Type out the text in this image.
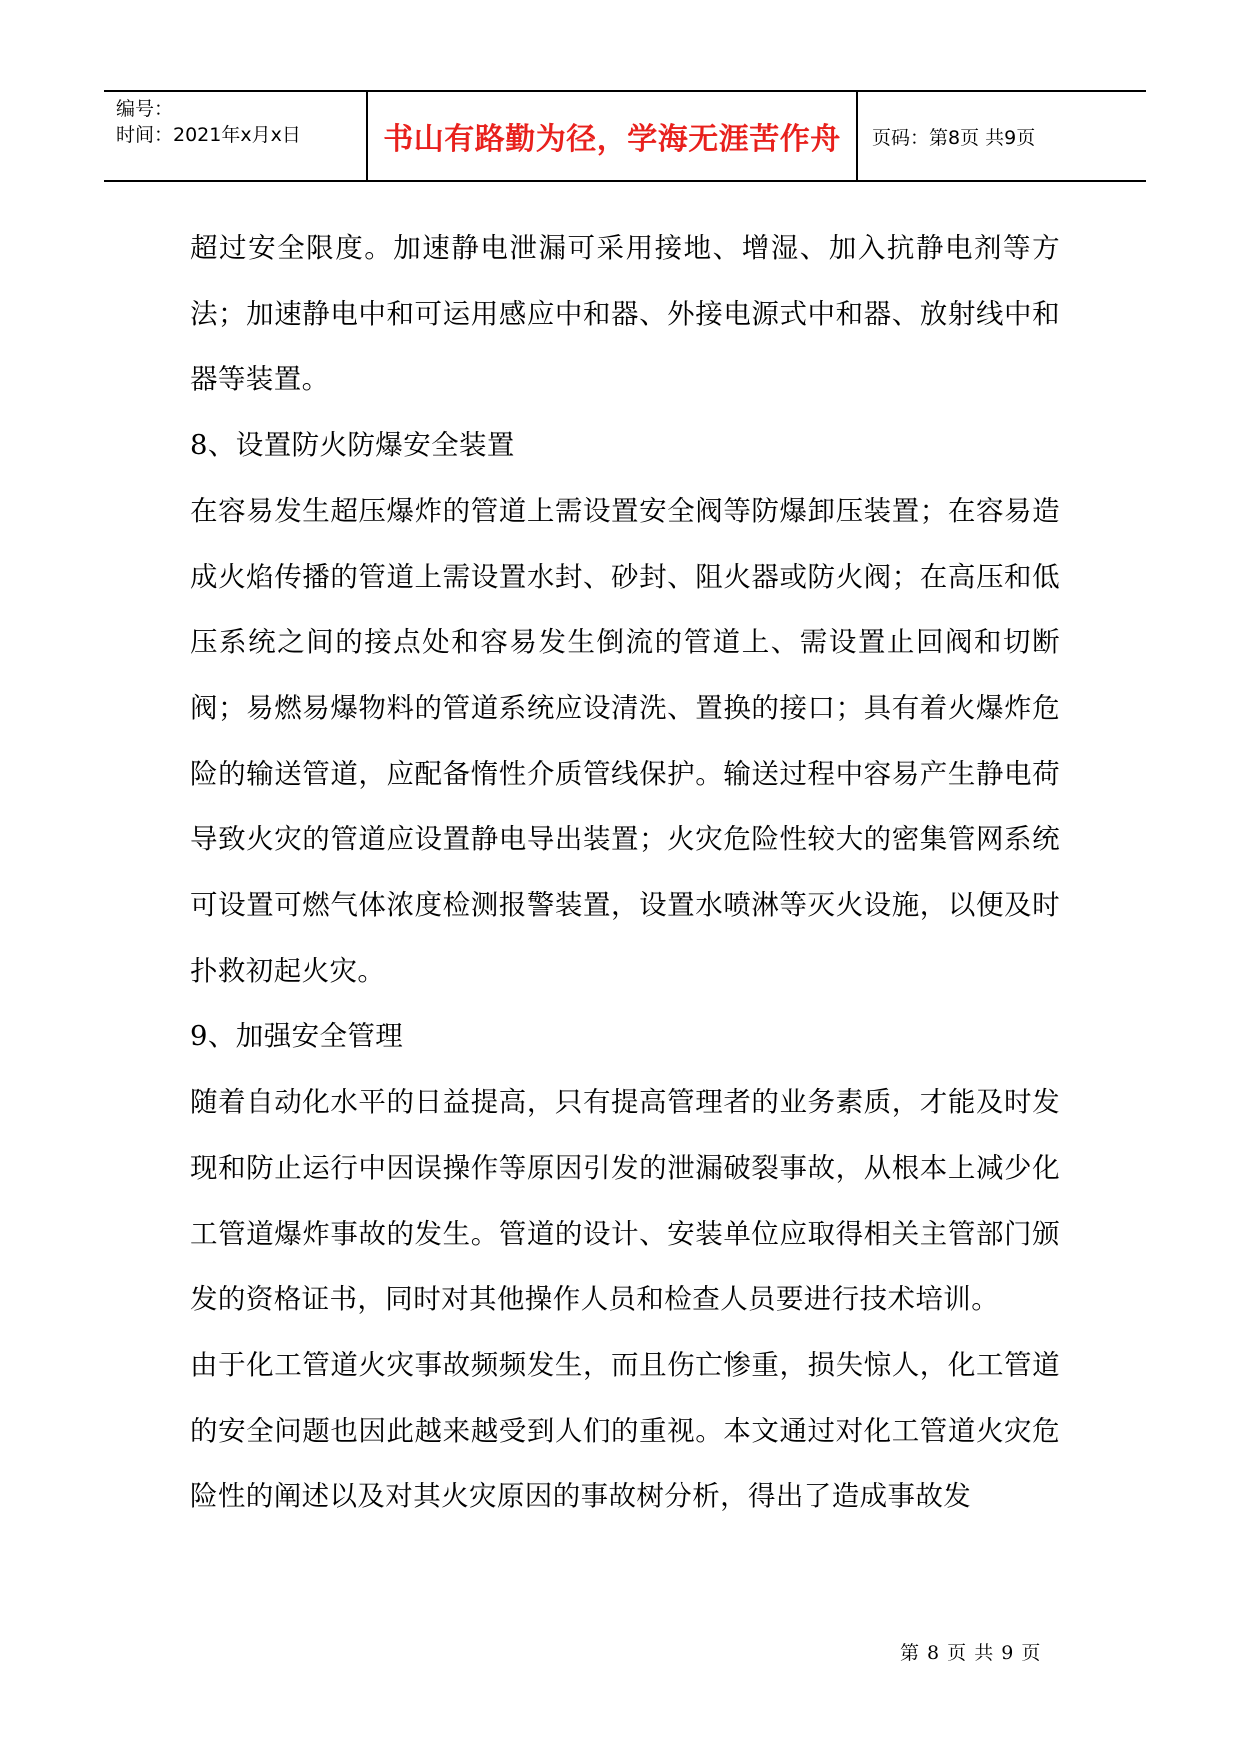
编号：
时间：2021年x月x日	书山有路勤为径，学海无涯苦作舟	页码：第8页 共9页

超过安全限度。加速静电泄漏可采用接地、增湿、加入抗静电剂等方法；加速静电中和可运用感应中和器、外接电源式中和器、放射线中和器等装置。

8、设置防火防爆安全装置

在容易发生超压爆炸的管道上需设置安全阀等防爆卸压装置；在容易造成火焰传播的管道上需设置水封、砂封、阻火器或防火阀；在高压和低压系统之间的接点处和容易发生倒流的管道上、需设置止回阀和切断阀；易燃易爆物料的管道系统应设清洗、置换的接口；具有着火爆炸危险的输送管道，应配备惰性介质管线保护。输送过程中容易产生静电荷导致火灾的管道应设置静电导出装置；火灾危险性较大的密集管网系统可设置可燃气体浓度检测报警装置，设置水喷淋等灭火设施，以便及时扑救初起火灾。

9、加强安全管理

随着自动化水平的日益提高，只有提高管理者的业务素质，才能及时发现和防止运行中因误操作等原因引发的泄漏破裂事故，从根本上减少化工管道爆炸事故的发生。管道的设计、安装单位应取得相关主管部门颁发的资格证书，同时对其他操作人员和检查人员要进行技术培训。

由于化工管道火灾事故频频发生，而且伤亡惨重，损失惊人，化工管道的安全问题也因此越来越受到人们的重视。本文通过对化工管道火灾危险性的阐述以及对其火灾原因的事故树分析，得出了造成事故发

第 8 页 共 9 页
